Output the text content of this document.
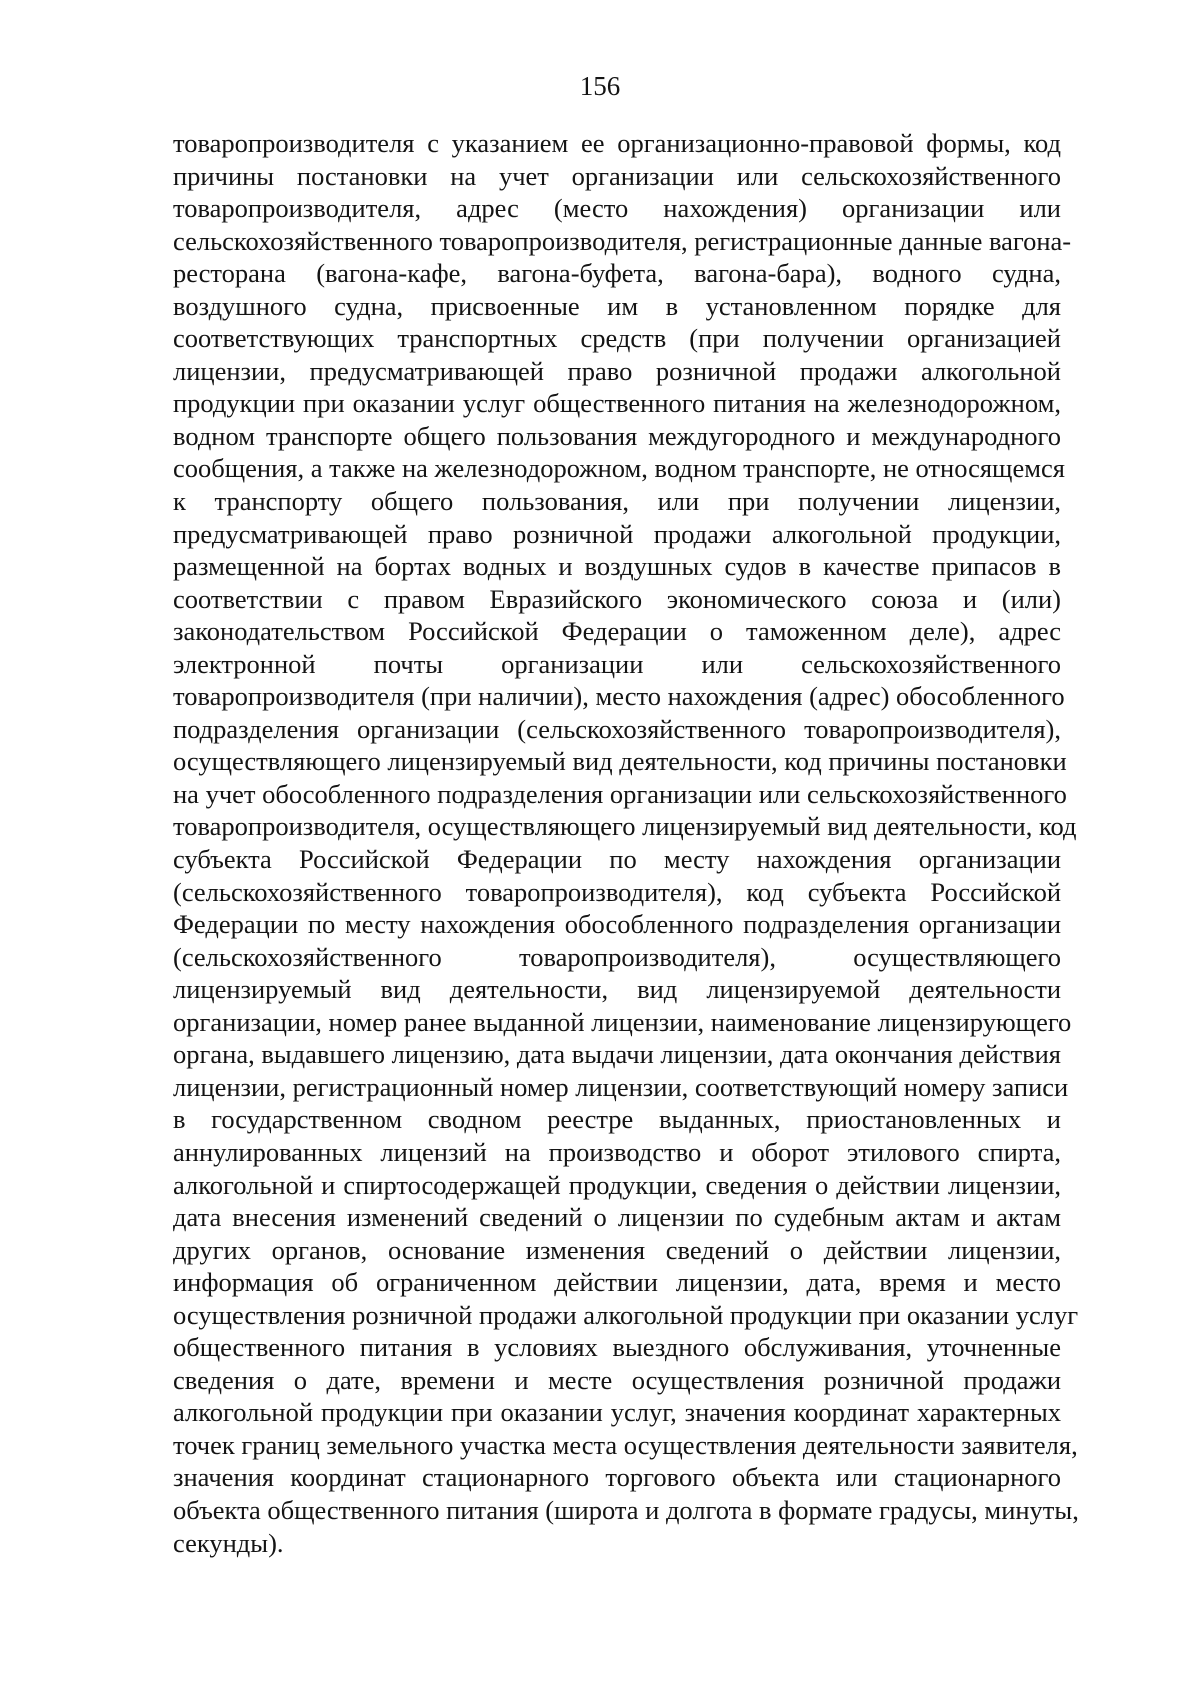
156
товаропроизводителя с указанием ее организационно-правовой формы, код
причины постановки на учет организации или сельскохозяйственного
товаропроизводителя, адрес (место нахождения) организации или
сельскохозяйственного товаропроизводителя, регистрационные данные вагона-
ресторана (вагона-кафе, вагона-буфета, вагона-бара), водного судна,
воздушного судна, присвоенные им в установленном порядке для
соответствующих транспортных средств (при получении организацией
лицензии, предусматривающей право розничной продажи алкогольной
продукции при оказании услуг общественного питания на железнодорожном,
водном транспорте общего пользования междугородного и международного
сообщения, а также на железнодорожном, водном транспорте, не относящемся
к транспорту общего пользования, или при получении лицензии,
предусматривающей право розничной продажи алкогольной продукции,
размещенной на бортах водных и воздушных судов в качестве припасов в
соответствии с правом Евразийского экономического союза и (или)
законодательством Российской Федерации о таможенном деле), адрес
электронной почты организации или сельскохозяйственного
товаропроизводителя (при наличии), место нахождения (адрес) обособленного
подразделения организации (сельскохозяйственного товаропроизводителя),
осуществляющего лицензируемый вид деятельности, код причины постановки
на учет обособленного подразделения организации или сельскохозяйственного
товаропроизводителя, осуществляющего лицензируемый вид деятельности, код
субъекта Российской Федерации по месту нахождения организации
(сельскохозяйственного товаропроизводителя), код субъекта Российской
Федерации по месту нахождения обособленного подразделения организации
(сельскохозяйственного товаропроизводителя), осуществляющего
лицензируемый вид деятельности, вид лицензируемой деятельности
организации, номер ранее выданной лицензии, наименование лицензирующего
органа, выдавшего лицензию, дата выдачи лицензии, дата окончания действия
лицензии, регистрационный номер лицензии, соответствующий номеру записи
в государственном сводном реестре выданных, приостановленных и
аннулированных лицензий на производство и оборот этилового спирта,
алкогольной и спиртосодержащей продукции, сведения о действии лицензии,
дата внесения изменений сведений о лицензии по судебным актам и актам
других органов, основание изменения сведений о действии лицензии,
информация об ограниченном действии лицензии, дата, время и место
осуществления розничной продажи алкогольной продукции при оказании услуг
общественного питания в условиях выездного обслуживания, уточненные
сведения о дате, времени и месте осуществления розничной продажи
алкогольной продукции при оказании услуг, значения координат характерных
точек границ земельного участка места осуществления деятельности заявителя,
значения координат стационарного торгового объекта или стационарного
объекта общественного питания (широта и долгота в формате градусы, минуты,
секунды).
